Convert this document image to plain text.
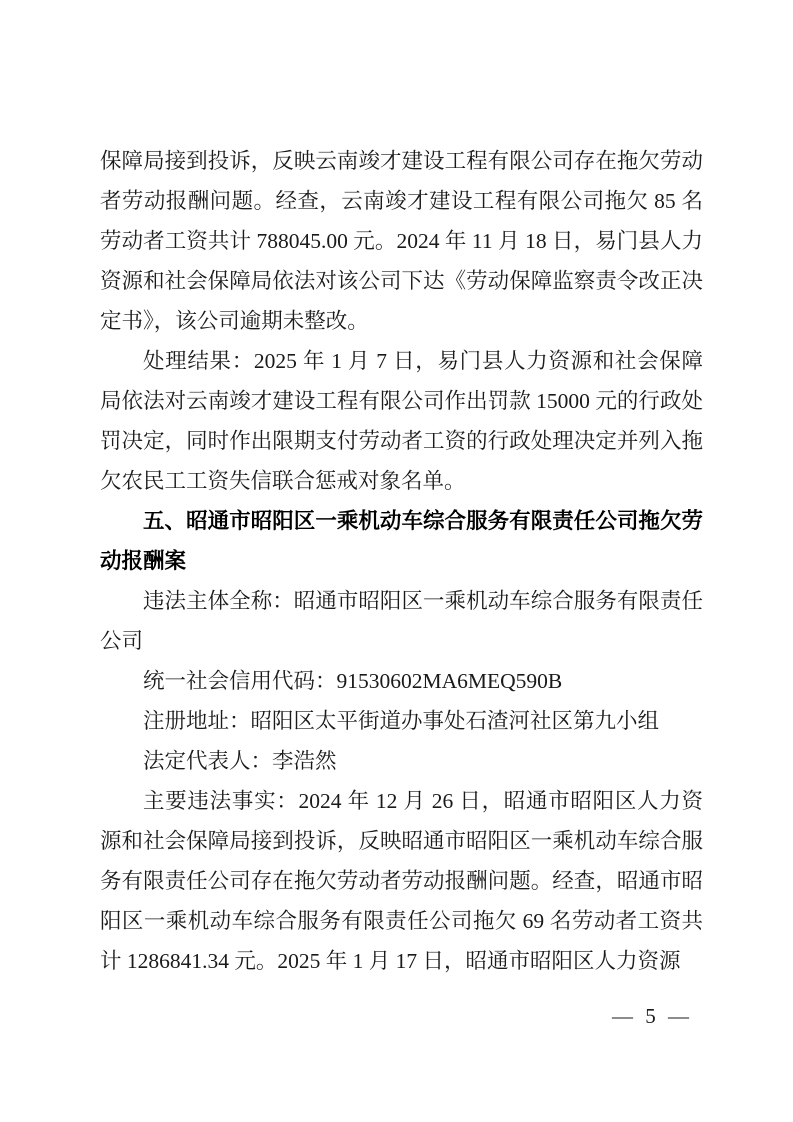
保障局接到投诉，反映云南竣才建设工程有限公司存在拖欠劳动者劳动报酬问题。经查，云南竣才建设工程有限公司拖欠 85 名劳动者工资共计 788045.00 元。2024 年 11 月 18 日，易门县人力资源和社会保障局依法对该公司下达《劳动保障监察责令改正决定书》，该公司逾期未整改。

处理结果：2025 年 1 月 7 日，易门县人力资源和社会保障局依法对云南竣才建设工程有限公司作出罚款 15000 元的行政处罚决定，同时作出限期支付劳动者工资的行政处理决定并列入拖欠农民工工资失信联合惩戒对象名单。

五、昭通市昭阳区一乘机动车综合服务有限责任公司拖欠劳动报酬案

违法主体全称：昭通市昭阳区一乘机动车综合服务有限责任公司

统一社会信用代码：91530602MA6MEQ590B

注册地址：昭阳区太平街道办事处石渣河社区第九小组

法定代表人：李浩然

主要违法事实：2024 年 12 月 26 日，昭通市昭阳区人力资源和社会保障局接到投诉，反映昭通市昭阳区一乘机动车综合服务有限责任公司存在拖欠劳动者劳动报酬问题。经查，昭通市昭阳区一乘机动车综合服务有限责任公司拖欠 69 名劳动者工资共计 1286841.34 元。2025 年 1 月 17 日，昭通市昭阳区人力资源

— 5 —
